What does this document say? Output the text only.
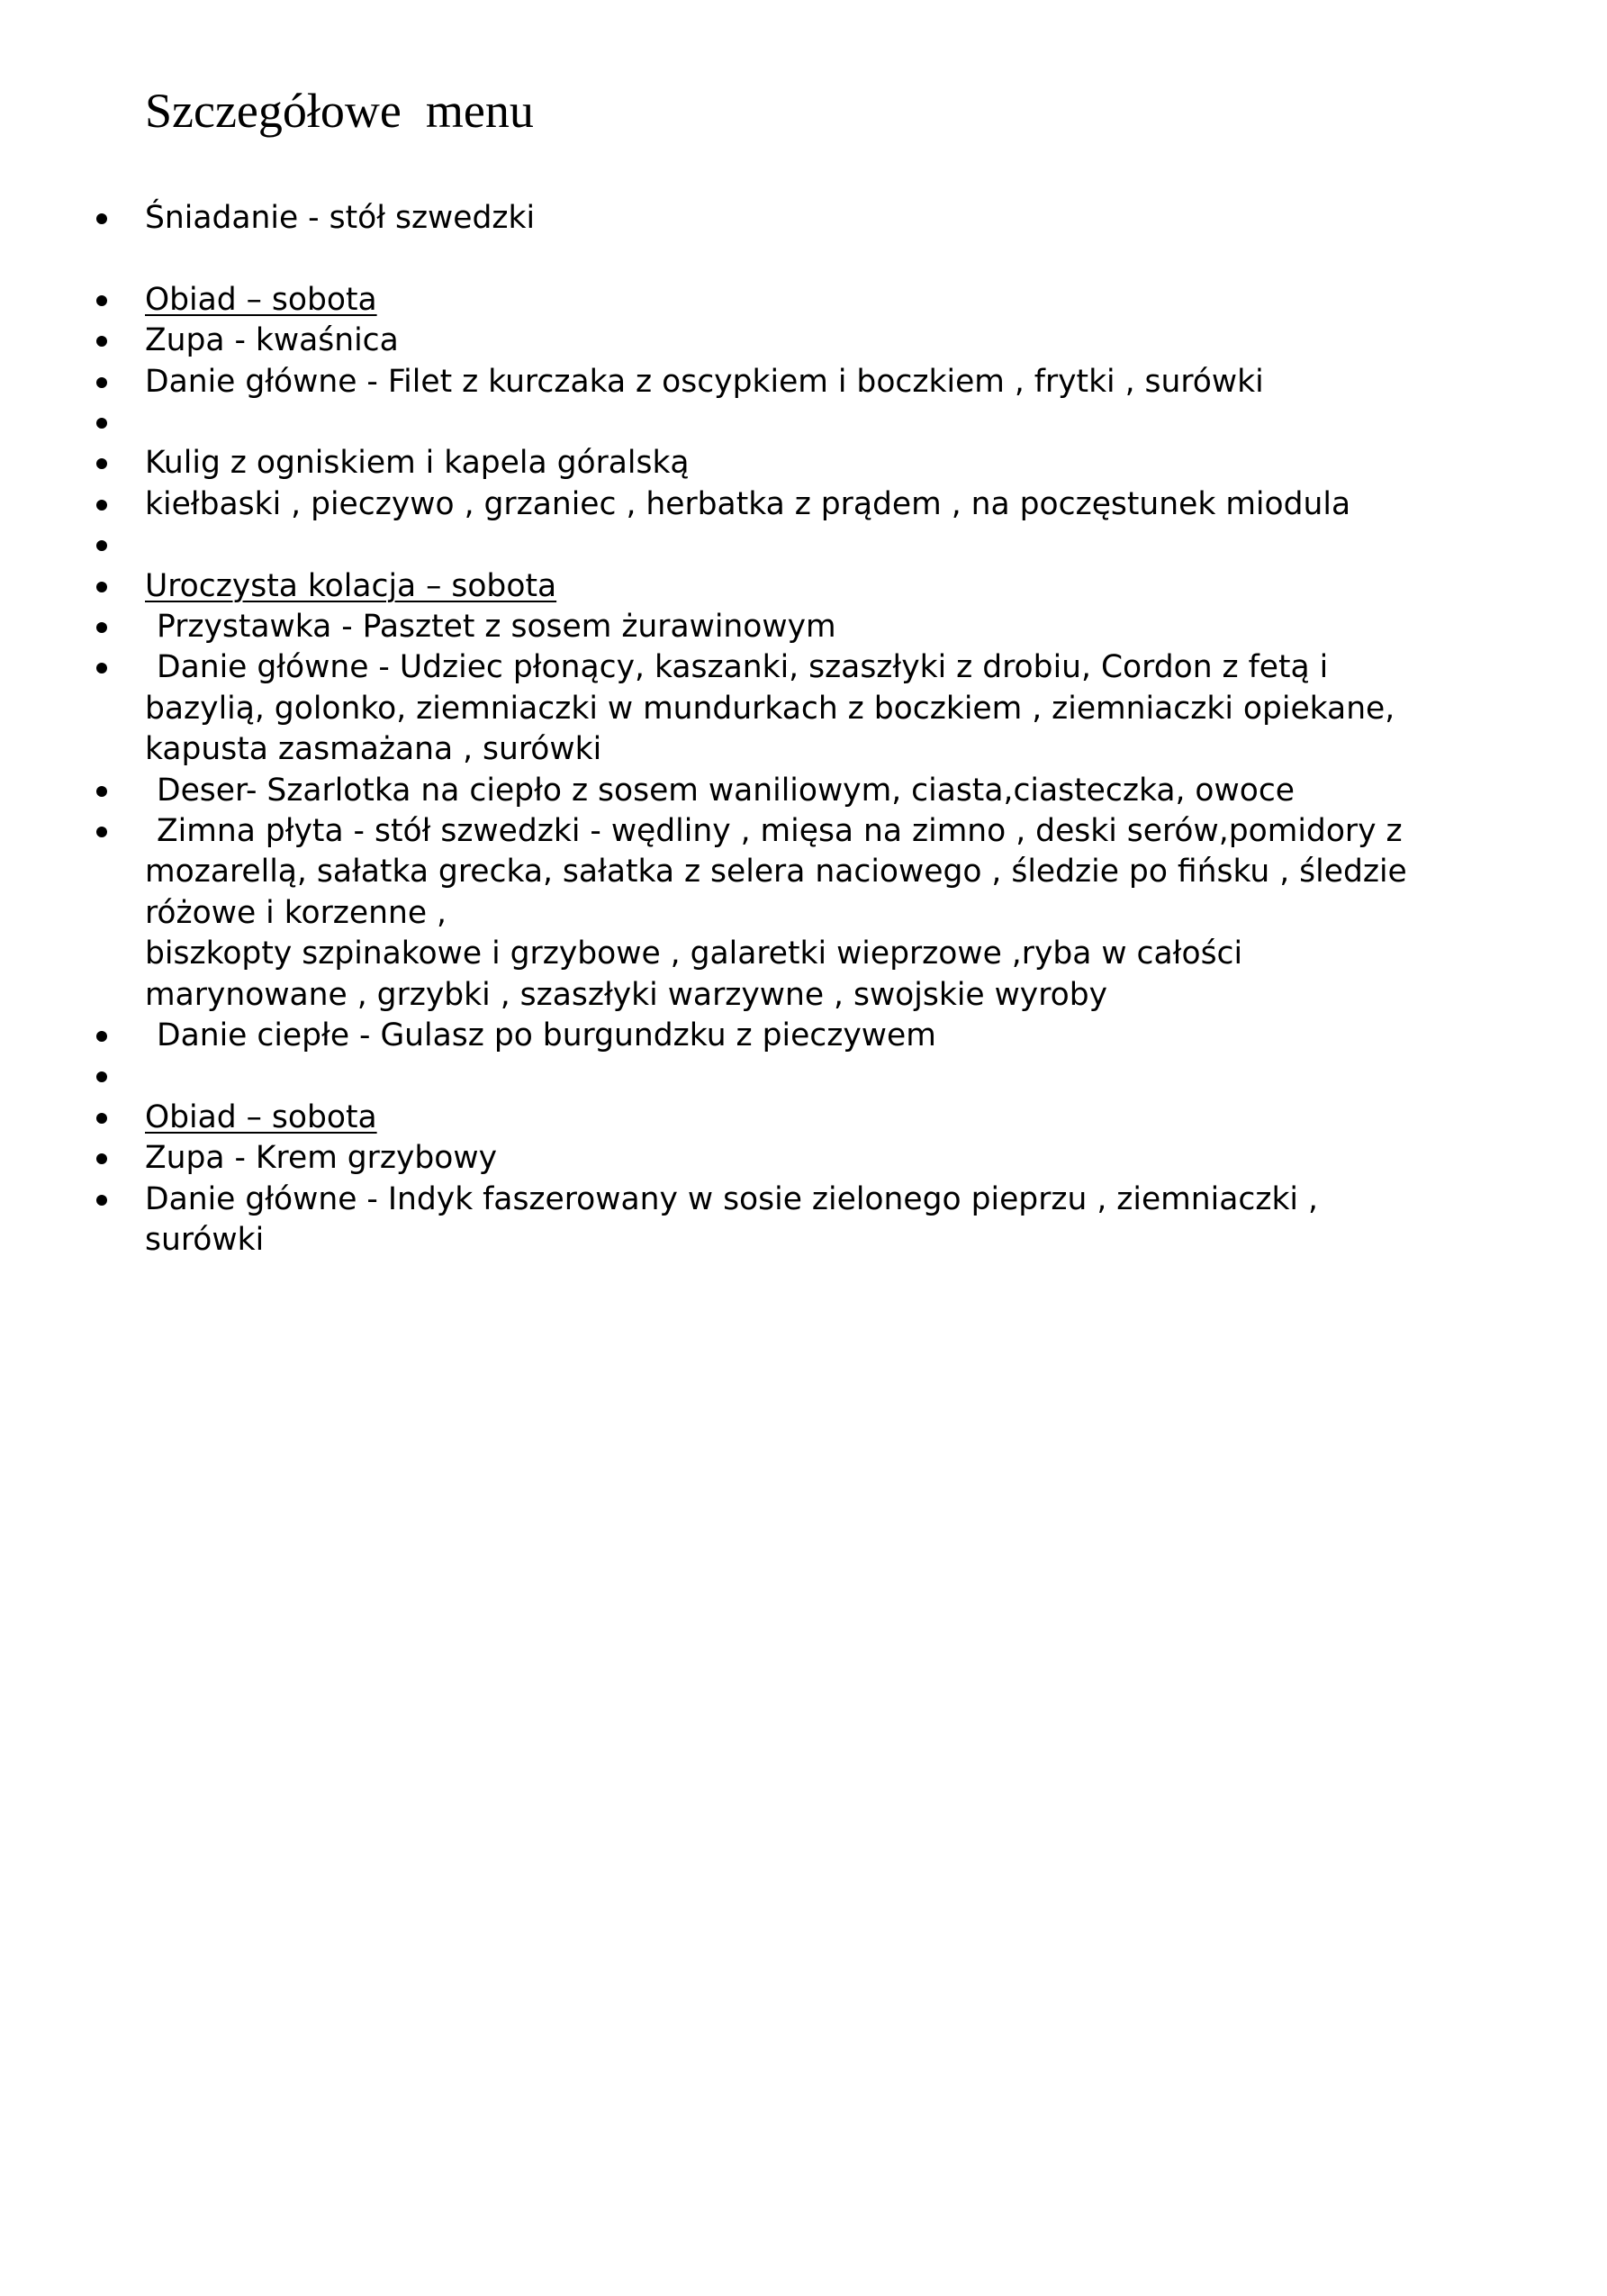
Szczegółowe  menu
Śniadanie - stół szwedzki
Obiad – sobota
Zupa - kwaśnica
Danie główne - Filet z kurczaka z oscypkiem i boczkiem , frytki , surówki
Kulig z ogniskiem i kapela góralską
kiełbaski , pieczywo , grzaniec , herbatka z prądem , na poczęstunek miodula
Uroczysta kolacja – sobota
Przystawka - Pasztet z sosem żurawinowym
Danie główne - Udziec płonący, kaszanki, szaszłyki z drobiu, Cordon z fetą i
bazylią, golonko, ziemniaczki w mundurkach z boczkiem , ziemniaczki opiekane,
kapusta zasmażana , surówki
Deser- Szarlotka na ciepło z sosem waniliowym, ciasta,ciasteczka, owoce
Zimna płyta - stół szwedzki - wędliny , mięsa na zimno , deski serów,pomidory z
mozarellą, sałatka grecka, sałatka z selera naciowego , śledzie po fińsku , śledzie
różowe i korzenne ,
biszkopty szpinakowe i grzybowe , galaretki wieprzowe ,ryba w całości
marynowane , grzybki , szaszłyki warzywne , swojskie wyroby
Danie ciepłe - Gulasz po burgundzku z pieczywem
Obiad – sobota
Zupa - Krem grzybowy
Danie główne - Indyk faszerowany w sosie zielonego pieprzu , ziemniaczki ,
surówki
